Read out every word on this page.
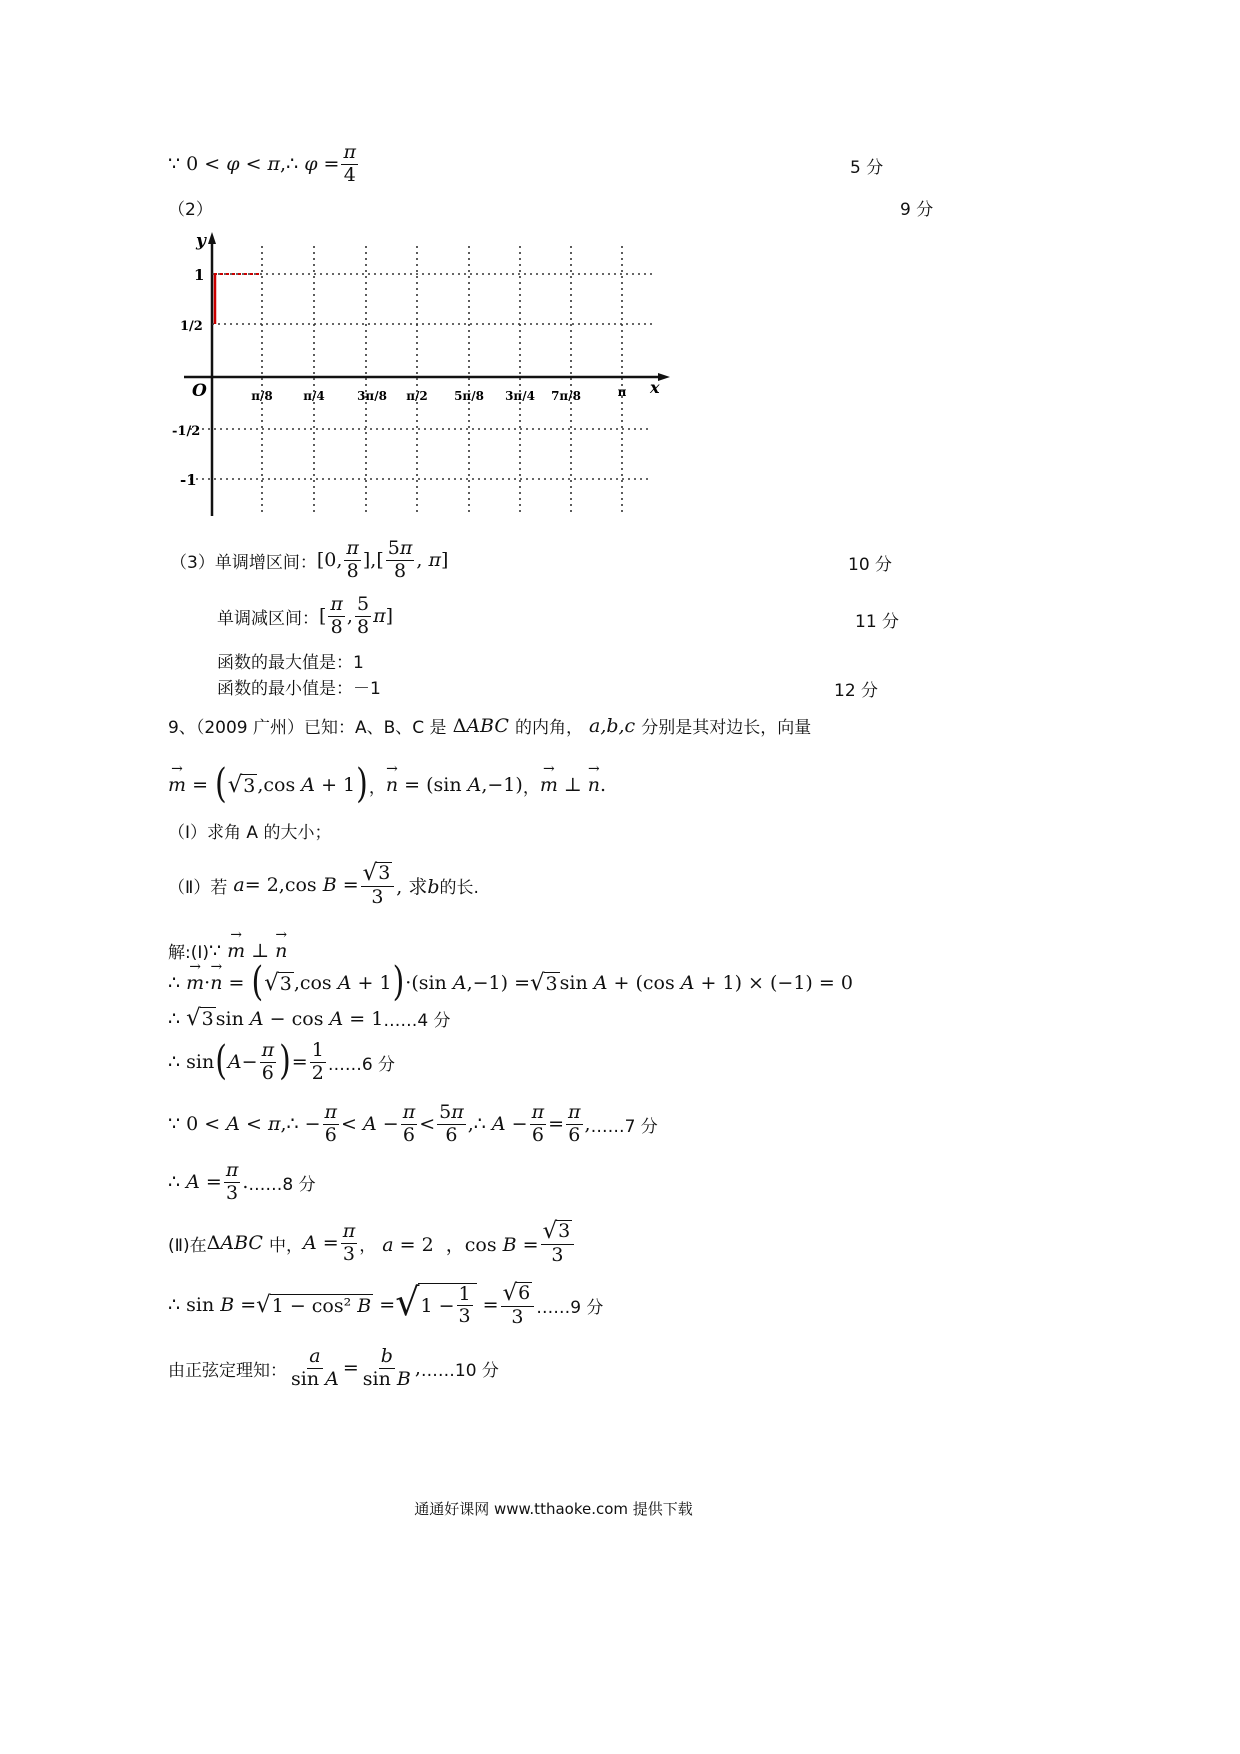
∵ 0 < φ < π,∴ $\varphi = \frac{\pi}{4}$	5 分
（2）	9 分
y
x
O
1
1/2
-1/2
-1
π/8	π/4	3π/8 π/2 5π/8 3π/4 7π/8	π
（3） 单调增区间： [0, $\frac{\pi}{8}$ ],[ $\frac{5\pi}{8}$ , π]	10 分
单调减区间： [ $\frac{\pi}{8}$ , $\frac{5}{8}$ π ]	11 分
函数的最大值是：1
函数的最小值是：－1	12 分
9、（2009 广州）已知：A、B、C 是 ΔABC 的内角， a,b,c 分别是其对边长，向量
→ m = ( √ 3 ,cos A + 1 ) ， → n = (sin A,−1) ， → m ⊥ → n .
（Ⅰ）求角 A 的大小；
（Ⅱ）若 a = 2,cos $B = \frac{√ 3}{3}$ , 求b 的长.
解:(Ⅰ) ∵ → m ⊥ → n
∴ → m · → n = ( √ 3 ,cos A + 1 ) ·(sin A,−1) = √ 3 sin A + (cos A + 1) × (−1) = 0
∴ √ 3 sin A − cos A = 1 ……4 分
∴ sin ( $A - \frac{\pi}{6}$ ) = $\frac{1}{2}$ ……6 分
∵ 0 < A < π,∴ − $\frac{\pi}{6} < A - \frac{\pi}{6} < \frac{5\pi}{6}$ ,∴ $A - \frac{\pi}{6} = \frac{\pi}{6}$ , ……7 分
∴ $A = \frac{\pi}{3}$ . ……8 分
(Ⅱ)在 ΔABC 中， $A = \frac{\pi}{3}$ ， a = 2  ，$\cos B = \frac{√ 3}{3}$
∴ sin B = √ 1 − cos² B = √ $1 - \frac{1}{3} = \frac{√ 6}{3}$ ……9 分
由正弦定理知： $\frac{a}{\text{sin A}} = \frac{b}{\text{sin B}}$ , ……10 分
通通好课网 www.tthaoke.com 提供下载
